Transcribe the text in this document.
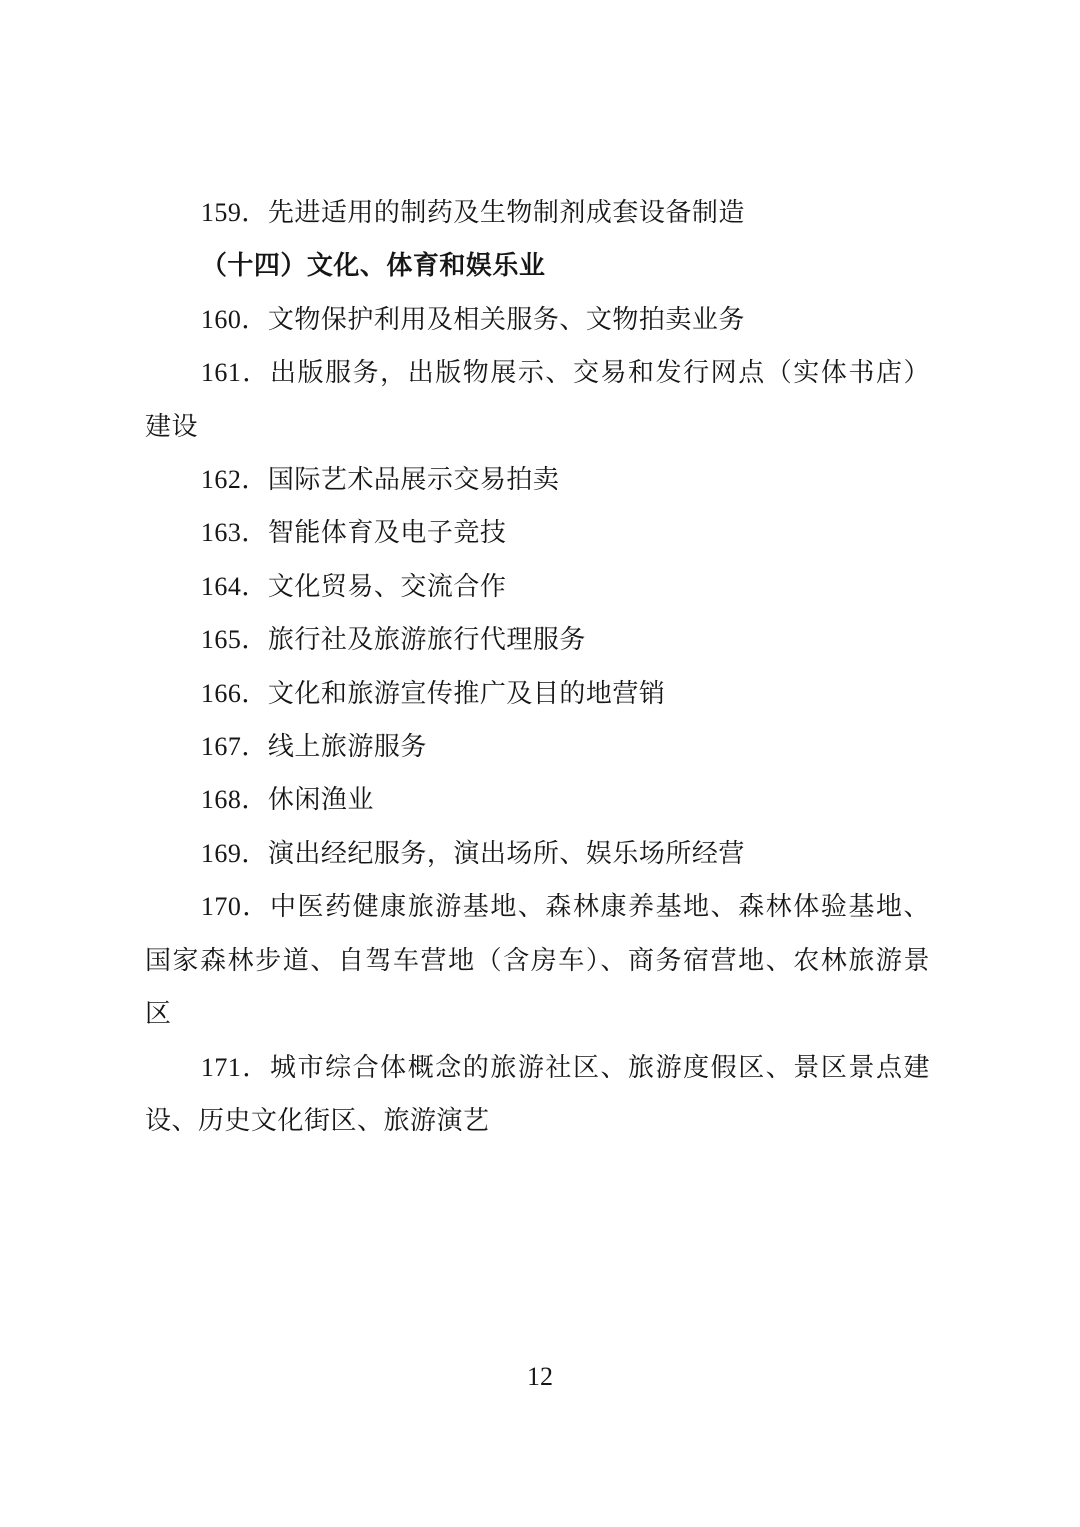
159．先进适用的制药及生物制剂成套设备制造
（十四）文化、体育和娱乐业
160．文物保护利用及相关服务、文物拍卖业务
161．出版服务，出版物展示、交易和发行网点（实体书店）
建设
162．国际艺术品展示交易拍卖
163．智能体育及电子竞技
164．文化贸易、交流合作
165．旅行社及旅游旅行代理服务
166．文化和旅游宣传推广及目的地营销
167．线上旅游服务
168．休闲渔业
169．演出经纪服务，演出场所、娱乐场所经营
170．中医药健康旅游基地、森林康养基地、森林体验基地、
国家森林步道、自驾车营地（含房车）、商务宿营地、农林旅游景
区
171．城市综合体概念的旅游社区、旅游度假区、景区景点建
设、历史文化街区、旅游演艺
12
